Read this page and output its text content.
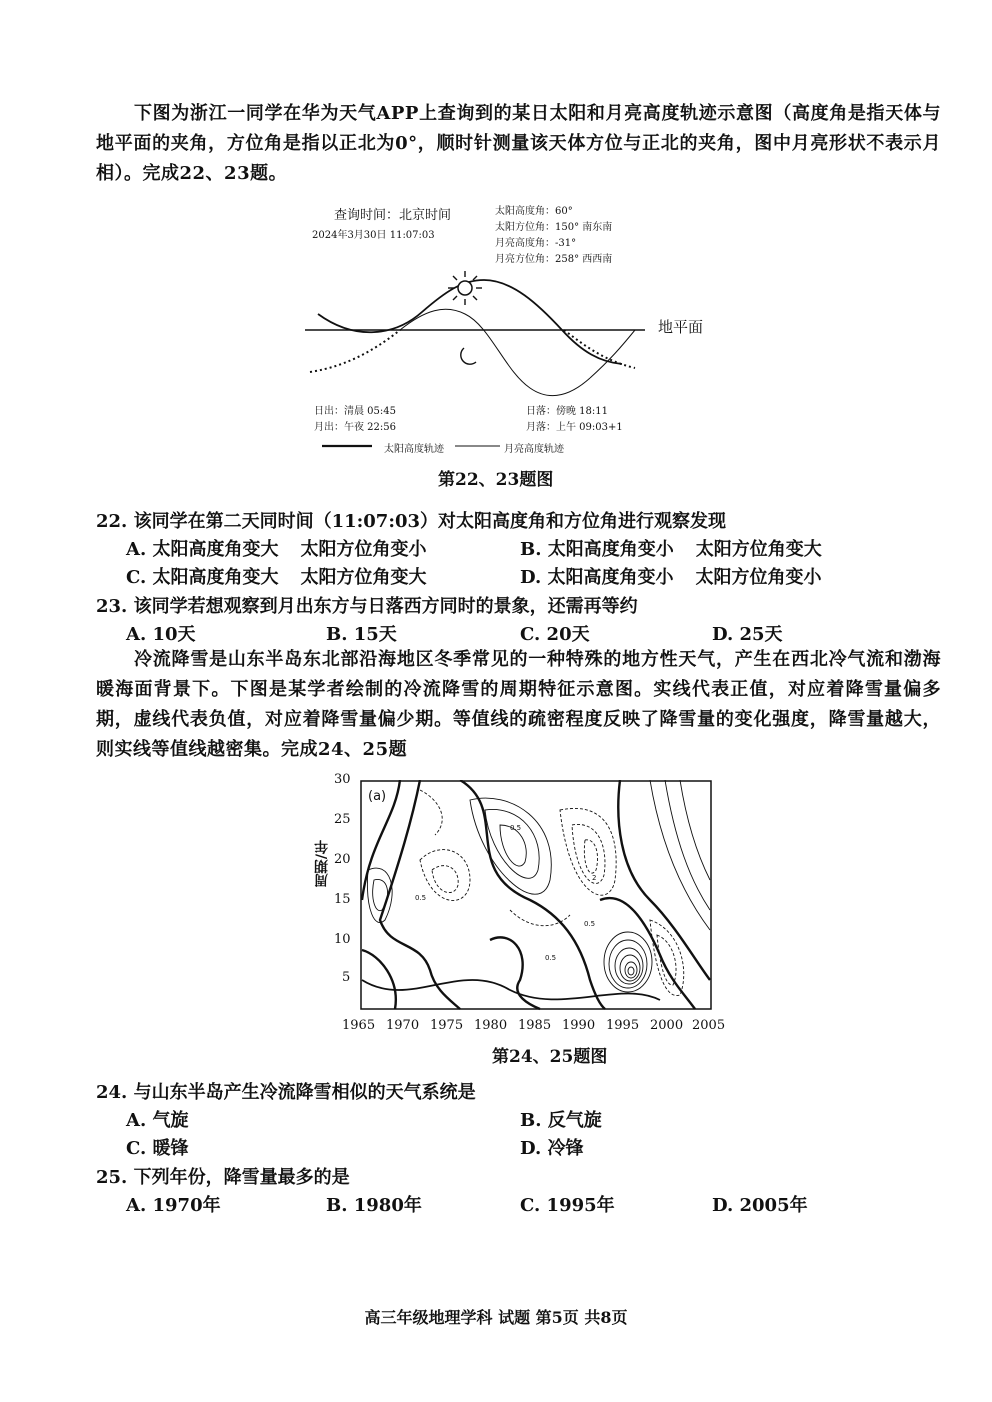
下图为浙江一同学在华为天气APP上查询到的某日太阳和月亮高度轨迹示意图（高度角是指天体与地平面的夹角，方位角是指以正北为0°，顺时针测量该天体方位与正北的夹角，图中月亮形状不表示月相）。完成22、23题。
查询时间：北京时间
2024年3月30日 11:07:03
太阳高度角：60°
太阳方位角：150° 南东南
月亮高度角：-31°
月亮方位角：258° 西西南
地平面
日出：清晨 05:45
月出：午夜 22:56
日落：傍晚 18:11
月落：上午 09:03+1
太阳高度轨迹	月亮高度轨迹
第22、23题图
22. 该同学在第二天同时间（11:07:03）对太阳高度角和方位角进行观察发现
A. 太阳高度角变大 太阳方位角变小	B. 太阳高度角变小 太阳方位角变大
C. 太阳高度角变大 太阳方位角变大	D. 太阳高度角变小 太阳方位角变小
23. 该同学若想观察到月出东方与日落西方同时的景象，还需再等约
A. 10天	B. 15天	C. 20天	D. 25天
冷流降雪是山东半岛东北部沿海地区冬季常见的一种特殊的地方性天气，产生在西北冷气流和渤海暖海面背景下。下图是某学者绘制的冷流降雪的周期特征示意图。实线代表正值，对应着降雪量偏多期，虚线代表负值，对应着降雪量偏少期。等值线的疏密程度反映了降雪量的变化强度，降雪量越大，则实线等值线越密集。完成24、25题
周期/年
30
25
20
15
10
5
(a)
0.5
0.5
2
0.5
0.5
1965 1970 1975 1980 1985 1990 1995 2000 2005
第24、25题图
24. 与山东半岛产生冷流降雪相似的天气系统是
A. 气旋	B. 反气旋
C. 暖锋	D. 冷锋
25. 下列年份，降雪量最多的是
A. 1970年	B. 1980年	C. 1995年	D. 2005年
高三年级地理学科 试题 第5页 共8页
